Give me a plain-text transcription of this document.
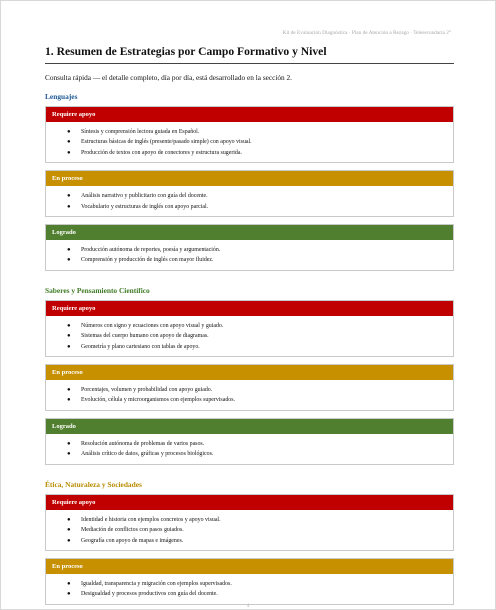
Kit de Evaluación Diagnóstica · Plan de Atención a Rezago · Telesecundaria 2°
1. Resumen de Estrategias por Campo Formativo y Nivel

Consulta rápida — el detalle completo, día por día, está desarrollado en la sección 2.

Lenguajes
Requiere apoyo
● Síntesis y comprensión lectora guiada en Español.
● Estructuras básicas de inglés (presente/pasado simple) con apoyo visual.
● Producción de textos con apoyo de conectores y estructura sugerida.
En proceso
● Análisis narrativo y publicitario con guía del docente.
● Vocabulario y estructuras de inglés con apoyo parcial.
Logrado
● Producción autónoma de reportes, poesía y argumentación.
● Comprensión y producción de inglés con mayor fluidez.
Saberes y Pensamiento Científico
Requiere apoyo
● Números con signo y ecuaciones con apoyo visual y guiado.
● Sistemas del cuerpo humano con apoyo de diagramas.
● Geometría y plano cartesiano con tablas de apoyo.
En proceso
● Porcentajes, volumen y probabilidad con apoyo guiado.
● Evolución, célula y microorganismos con ejemplos supervisados.
Logrado
● Resolución autónoma de problemas de varios pasos.
● Análisis crítico de datos, gráficas y procesos biológicos.
Ética, Naturaleza y Sociedades
Requiere apoyo
● Identidad e historia con ejemplos concretos y apoyo visual.
● Mediación de conflictos con pasos guiados.
● Geografía con apoyo de mapas e imágenes.
En proceso
● Igualdad, transparencia y migración con ejemplos supervisados.
● Desigualdad y procesos productivos con guía del docente.
4
